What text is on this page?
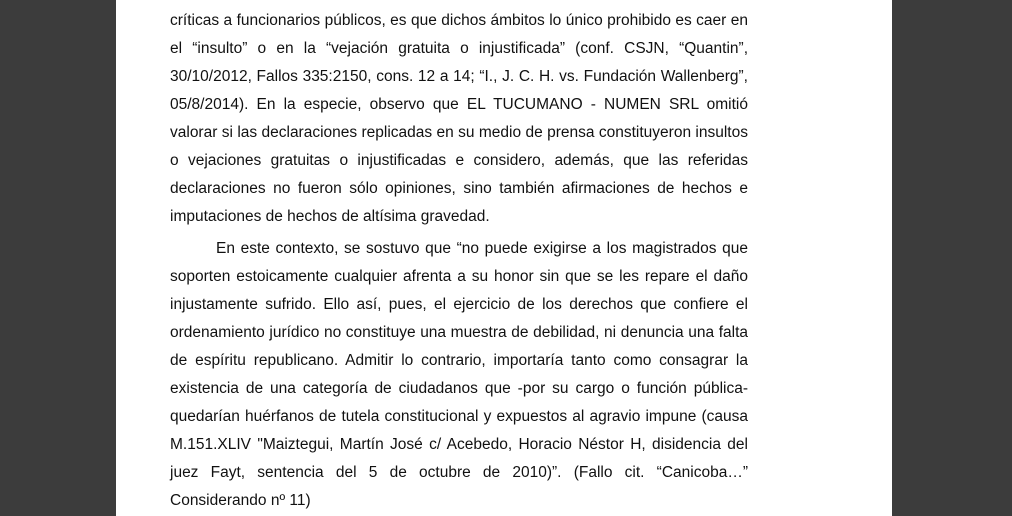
críticas a funcionarios públicos, es que dichos ámbitos lo único prohibido es caer en
el “insulto” o en la “vejación gratuita o injustificada” (conf. CSJN, “Quantin”,
30/10/2012, Fallos 335:2150, cons. 12 a 14; “I., J. C. H. vs. Fundación Wallenberg”,
05/8/2014). En la especie, observo que EL TUCUMANO - NUMEN SRL omitió
valorar si las declaraciones replicadas en su medio de prensa constituyeron insultos
o vejaciones gratuitas o injustificadas e considero, además, que las referidas
declaraciones no fueron sólo opiniones, sino también afirmaciones de hechos e
imputaciones de hechos de altísima gravedad.
En este contexto, se sostuvo que “no puede exigirse a los magistrados que
soporten estoicamente cualquier afrenta a su honor sin que se les repare el daño
injustamente sufrido. Ello así, pues, el ejercicio de los derechos que confiere el
ordenamiento jurídico no constituye una muestra de debilidad, ni denuncia una falta
de espíritu republicano. Admitir lo contrario, importaría tanto como consagrar la
existencia de una categoría de ciudadanos que -por su cargo o función pública-
quedarían huérfanos de tutela constitucional y expuestos al agravio impune (causa
M.151.XLIV "Maiztegui, Martín José c/ Acebedo, Horacio Néstor H, disidencia del
juez Fayt, sentencia del 5 de octubre de 2010)”. (Fallo cit. “Canicoba…”
Considerando nº 11)
